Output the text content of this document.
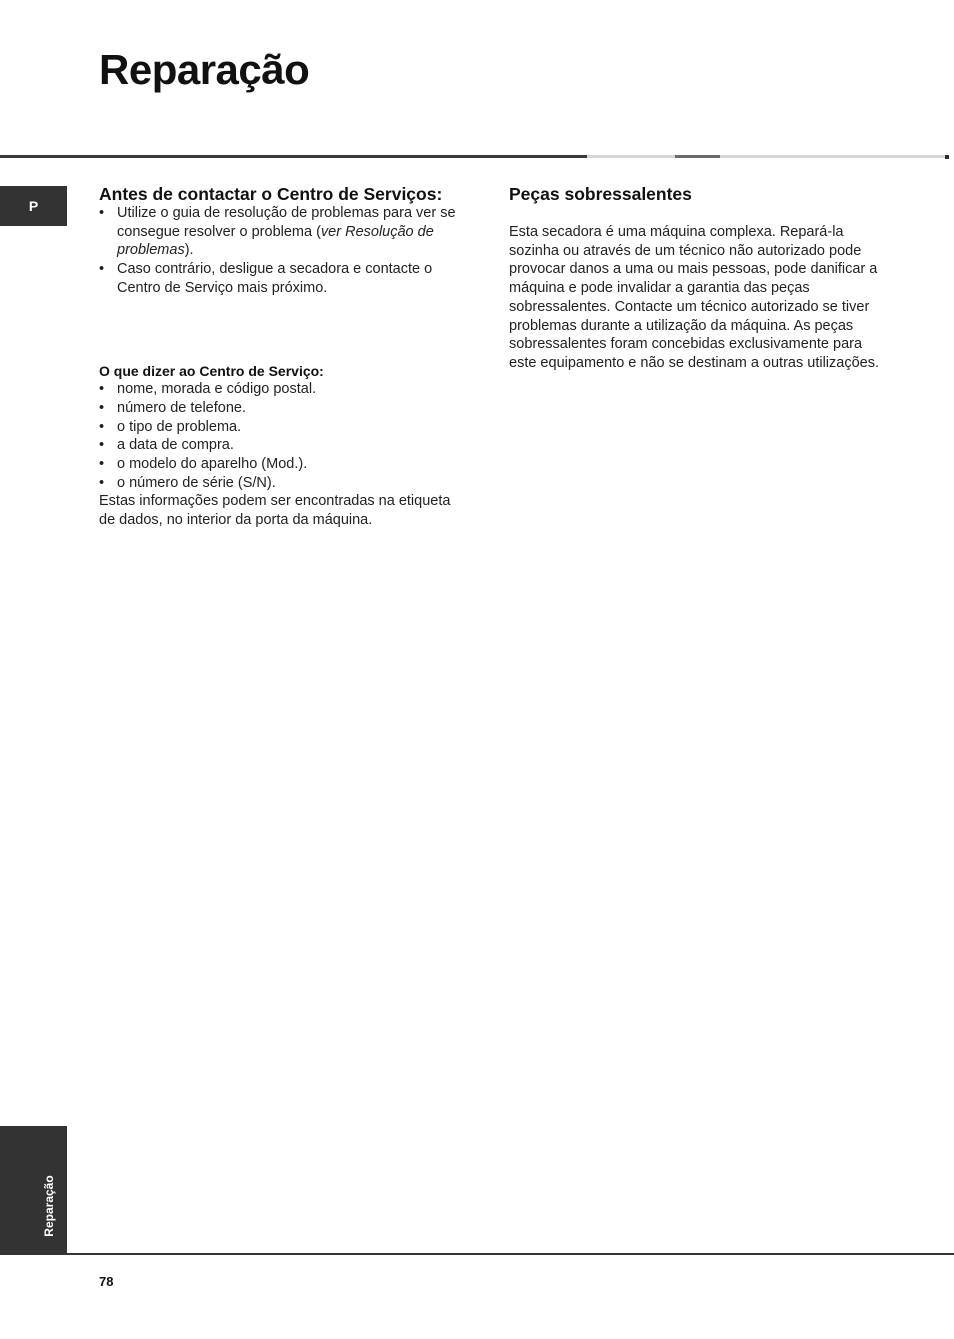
Reparação
P
Antes de contactar o Centro de Serviços:
• Utilize o guia de resolução de problemas para ver se consegue resolver o problema (ver Resolução de problemas).
• Caso contrário, desligue a secadora e contacte o Centro de Serviço mais próximo.

O que dizer ao Centro de Serviço:

• nome, morada e código postal.
• número de telefone.
• o tipo de problema.
• a data de compra.
• o modelo do aparelho (Mod.).
• o número de série (S/N).

Estas informações podem ser encontradas na etiqueta de dados, no interior da porta da máquina.

Peças sobressalentes

Esta secadora é uma máquina complexa. Repará-la sozinha ou através de um técnico não autorizado pode provocar danos a uma ou mais pessoas, pode danificar a máquina e pode invalidar a garantia das peças sobressalentes. Contacte um técnico autorizado se tiver problemas durante a utilização da máquina. As peças sobressalentes foram concebidas exclusivamente para este equipamento e não se destinam a outras utilizações.

Reparação
78
